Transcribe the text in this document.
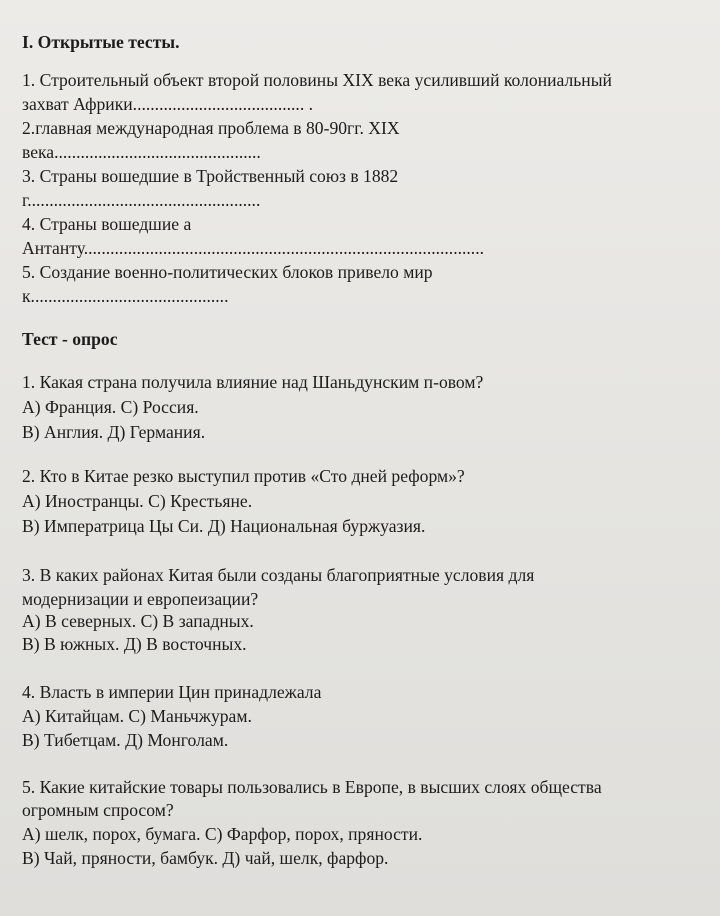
I. Открытые тесты.
1. Строительный объект второй половины XIX века усиливший колониальный
захват Африки....................................... .
2.главная международная проблема в 80-90гг. XIX
века...............................................
3. Страны вошедшие в Тройственный союз в 1882
г.....................................................
4. Страны вошедшие а
Антанту...........................................................................................
5. Создание военно-политических блоков привело мир
к.............................................
Тест - опрос
1. Какая страна получила влияние над Шаньдунским п-овом?
А) Франция. С) Россия.
В) Англия. Д) Германия.
2. Кто в Китае резко выступил против «Сто дней реформ»?
А) Иностранцы. С) Крестьяне.
В) Императрица Цы Си. Д) Национальная буржуазия.
3. В каких районах Китая были созданы благоприятные условия для
модернизации и европеизации?
А) В северных. С) В западных.
В) В южных. Д) В восточных.
4. Власть в империи Цин принадлежала
А) Китайцам. С) Маньчжурам.
В) Тибетцам. Д) Монголам.
5. Какие китайские товары пользовались в Европе, в высших слоях общества
огромным спросом?
А) шелк, порох, бумага. С) Фарфор, порох, пряности.
В) Чай, пряности, бамбук. Д) чай, шелк, фарфор.
